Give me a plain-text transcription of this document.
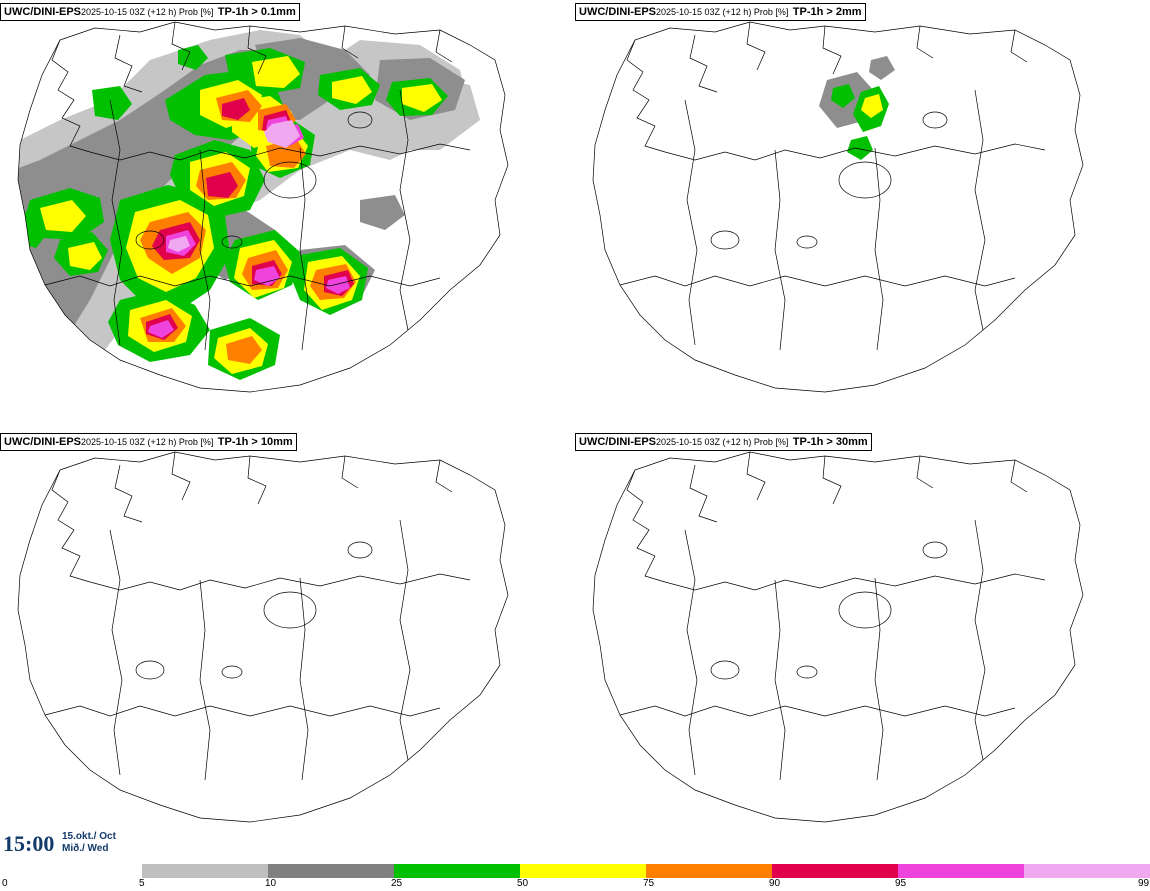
UWC/DINI-EPS2025-10-15 03Z (+12 h) Prob [%] TP-1h > 0.1mm	UWC/DINI-EPS2025-10-15 03Z (+12 h) Prob [%] TP-1h > 2mm
UWC/DINI-EPS2025-10-15 03Z (+12 h) Prob [%] TP-1h > 10mm	UWC/DINI-EPS2025-10-15 03Z (+12 h) Prob [%] TP-1h > 30mm
15:00 15.okt./ Oct
Mið./ Wed
0	5	10	25	50	75	90	95	99
